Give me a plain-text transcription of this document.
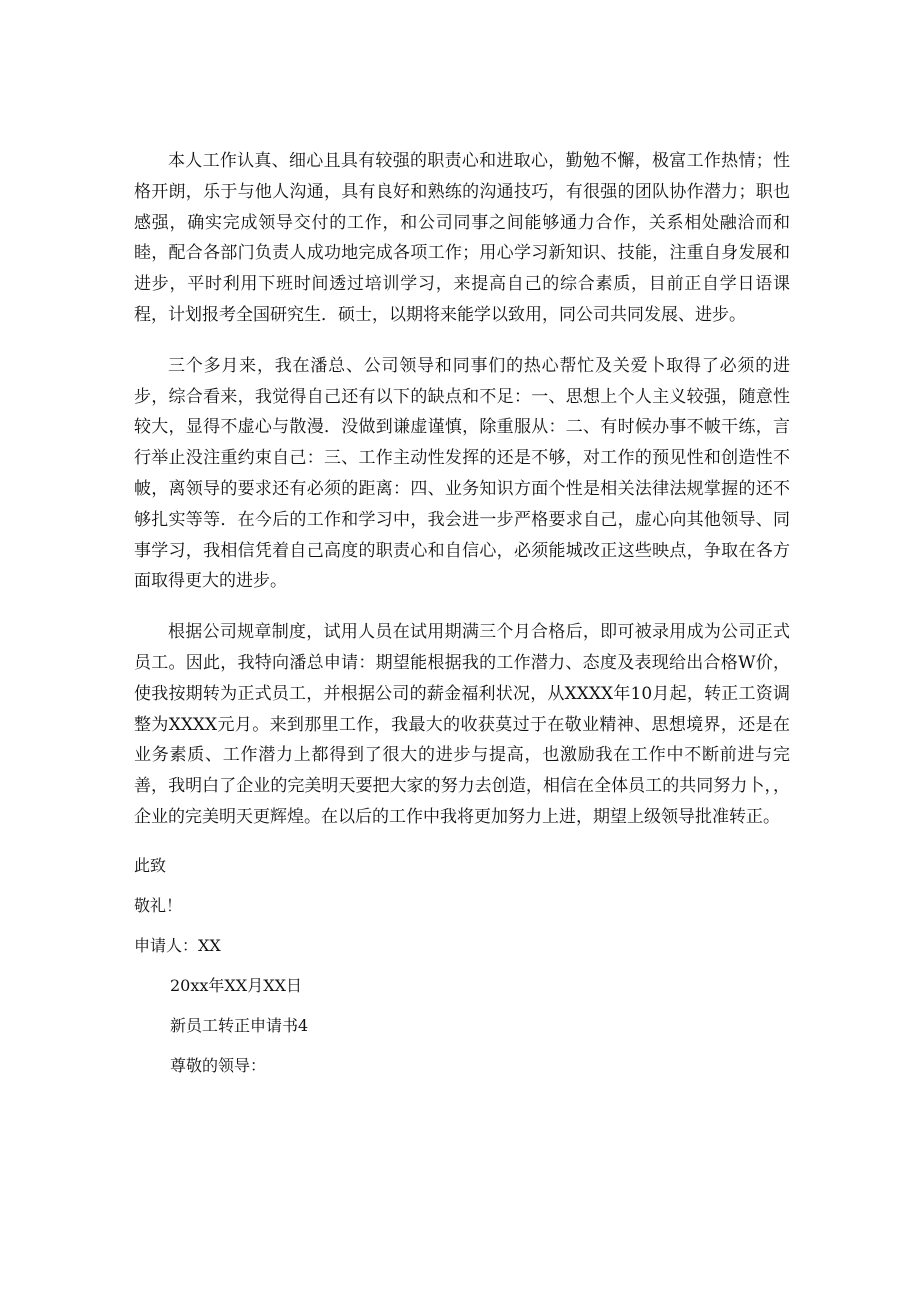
本人工作认真、细心且具有较强的职责心和进取心，勤勉不懈，极富工作热情；性格开朗，乐于与他人沟通，具有良好和熟练的沟通技巧，有很强的团队协作潜力；职也感强，确实完成领导交付的工作，和公司同事之间能够通力合作，关系相处融洽而和睦，配合各部门负责人成功地完成各项工作；用心学习新知识、技能，注重自身发展和进步，平时利用下班时间透过培训学习，来提高自己的综合素质，目前正自学日语课程，计划报考全国研究生．硕士，以期将来能学以致用，同公司共同发展、进步。

三个多月来，我在潘总、公司领导和同事们的热心帮忙及关爱卜取得了必须的进步，综合看来，我觉得自己还有以下的缺点和不足：一、思想上个人主义较强，随意性较大，显得不虚心与散漫．没做到谦虚谨慎，除重服从：二、有时候办事不帔干练，言行举止没注重约束自己：三、工作主动性发挥的还是不够，对工作的预见性和创造性不帔，离领导的要求还有必须的距离：四、业务知识方面个性是相关法律法规掌握的还不够扎实等等．在今后的工作和学习中，我会进一步严格要求自己，虚心向其他领导、同事学习，我相信凭着自己高度的职责心和自信心，必须能城改正这些映点，争取在各方面取得更大的进步。

根据公司规章制度，试用人员在试用期满三个月合格后，即可被录用成为公司正式员工。因此，我特向潘总申请：期望能根据我的工作潜力、态度及表现给出合格W价，使我按期转为正式员工，并根据公司的薪金福利状况，从XXXX年10月起，转正工资调整为XXXX元月。来到那里工作，我最大的收获莫过于在敬业精神、思想境界，还是在业务素质、工作潜力上都得到了很大的进步与提高，也激励我在工作中不断前进与完善，我明白了企业的完美明天要把大家的努力去创造，相信在全体员工的共同努力卜，，企业的完美明天更辉煌。在以后的工作中我将更加努力上进，期望上级领导批准转正。

此致

敬礼！

申请人：XX

20xx年XX月XX日

新员工转正申请书4

尊敬的领导：
